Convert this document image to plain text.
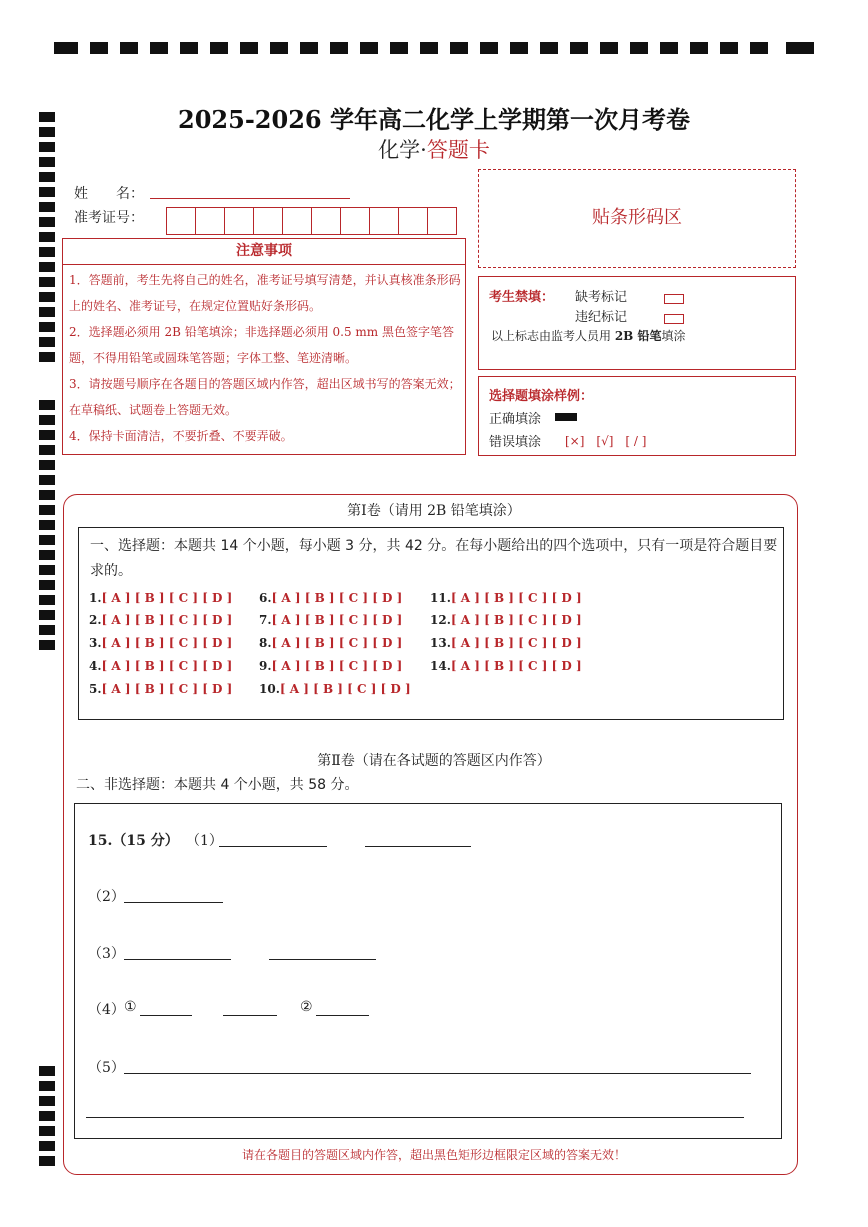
2025-2026 学年高二化学上学期第一次月考卷
化学·答题卡
姓　　名：
准考证号：
注意事项
1．答题前，考生先将自己的姓名，准考证号填写清楚，并认真核准条形码上的姓名、准考证号，在规定位置贴好条形码。
2．选择题必须用 2B 铅笔填涂；非选择题必须用 0.5 mm 黑色签字笔答题，不得用铅笔或圆珠笔答题；字体工整、笔迹清晰。
3．请按题号顺序在各题目的答题区域内作答，超出区域书写的答案无效；在草稿纸、试题卷上答题无效。
4．保持卡面清洁，不要折叠、不要弄破。
贴条形码区
考生禁填： 缺考标记
违纪标记
以上标志由监考人员用 2B 铅笔填涂
选择题填涂样例：
正确填涂
错误填涂 [×]　[√]　[ / ]
第Ⅰ卷（请用 2B 铅笔填涂）
一、选择题：本题共 14 个小题，每小题 3 分，共 42 分。在每小题给出的四个选项中，只有一项是符合题目要求的。
1.[ A ] [ B ] [ C ] [ D ]
2.[ A ] [ B ] [ C ] [ D ]
3.[ A ] [ B ] [ C ] [ D ]
4.[ A ] [ B ] [ C ] [ D ]
5.[ A ] [ B ] [ C ] [ D ]
6.[ A ] [ B ] [ C ] [ D ]
7.[ A ] [ B ] [ C ] [ D ]
8.[ A ] [ B ] [ C ] [ D ]
9.[ A ] [ B ] [ C ] [ D ]
10.[ A ] [ B ] [ C ] [ D ]
11.[ A ] [ B ] [ C ] [ D ]
12.[ A ] [ B ] [ C ] [ D ]
13.[ A ] [ B ] [ C ] [ D ]
14.[ A ] [ B ] [ C ] [ D ]
第Ⅱ卷（请在各试题的答题区内作答）
二、非选择题：本题共 4 个小题，共 58 分。
15.（15 分） （1）
（2）
（3）
（4） ①	②
（5）
请在各题目的答题区域内作答，超出黑色矩形边框限定区域的答案无效！
